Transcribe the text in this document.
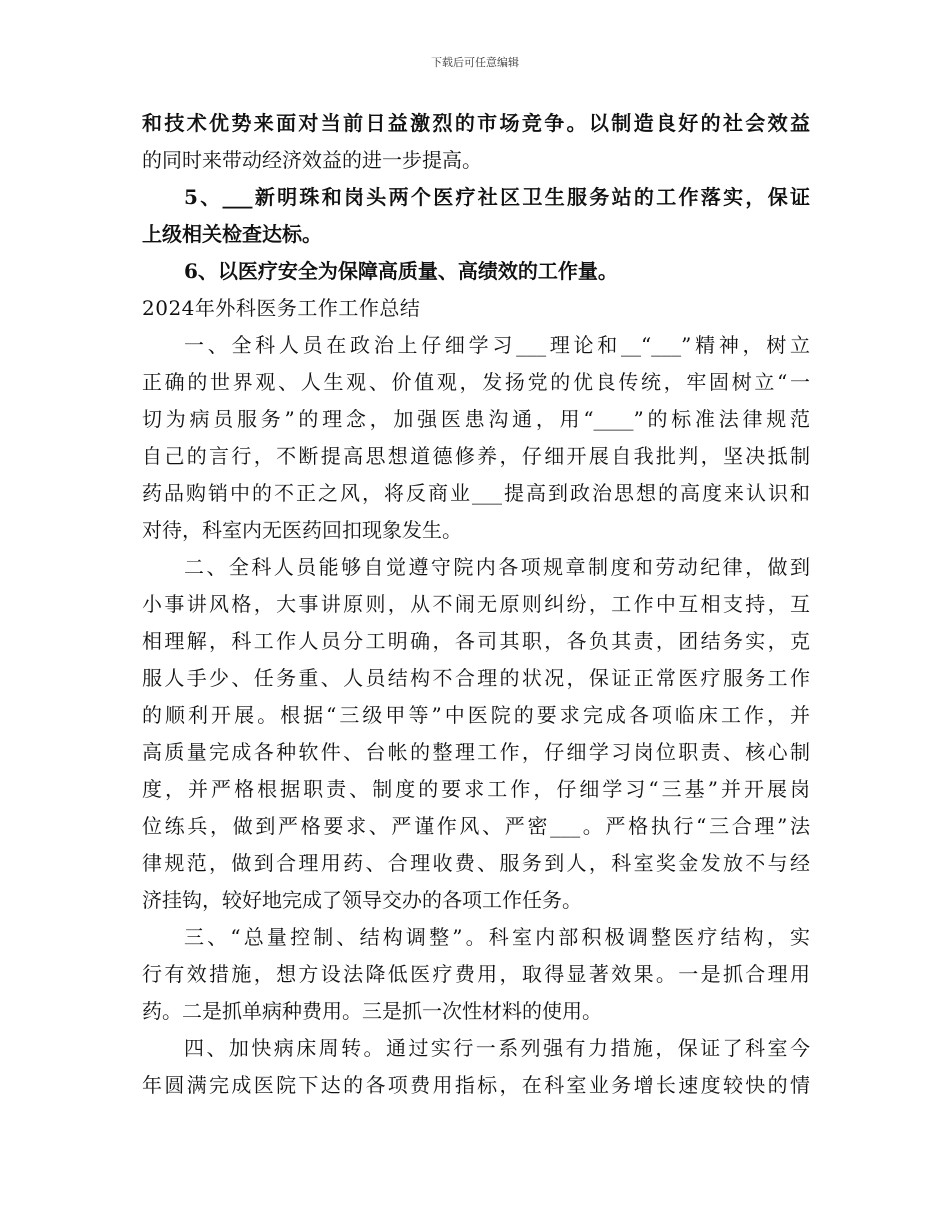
下载后可任意编辑
和技术优势来面对当前日益激烈的市场竞争。以制造良好的社会效益
的同时来带动经济效益的进一步提高。
5、___新明珠和岗头两个医疗社区卫生服务站的工作落实，保证
上级相关检查达标。
6、以医疗安全为保障高质量、高绩效的工作量。
2024年外科医务工作工作总结
一、全科人员在政治上仔细学习___理论和__“___”精神，树立
正确的世界观、人生观、价值观，发扬党的优良传统，牢固树立“一
切为病员服务”的理念，加强医患沟通，用“____”的标准法律规范
自己的言行，不断提高思想道德修养，仔细开展自我批判，坚决抵制
药品购销中的不正之风，将反商业___提高到政治思想的高度来认识和
对待，科室内无医药回扣现象发生。
二、全科人员能够自觉遵守院内各项规章制度和劳动纪律，做到
小事讲风格，大事讲原则，从不闹无原则纠纷，工作中互相支持，互
相理解，科工作人员分工明确，各司其职，各负其责，团结务实，克
服人手少、任务重、人员结构不合理的状况，保证正常医疗服务工作
的顺利开展。根据“三级甲等”中医院的要求完成各项临床工作，并
高质量完成各种软件、台帐的整理工作，仔细学习岗位职责、核心制
度，并严格根据职责、制度的要求工作，仔细学习“三基”并开展岗
位练兵，做到严格要求、严谨作风、严密___。严格执行“三合理”法
律规范，做到合理用药、合理收费、服务到人，科室奖金发放不与经
济挂钩，较好地完成了领导交办的各项工作任务。
三、“总量控制、结构调整”。科室内部积极调整医疗结构，实
行有效措施，想方设法降低医疗费用，取得显著效果。一是抓合理用
药。二是抓单病种费用。三是抓一次性材料的使用。
四、加快病床周转。通过实行一系列强有力措施，保证了科室今
年圆满完成医院下达的各项费用指标，在科室业务增长速度较快的情
